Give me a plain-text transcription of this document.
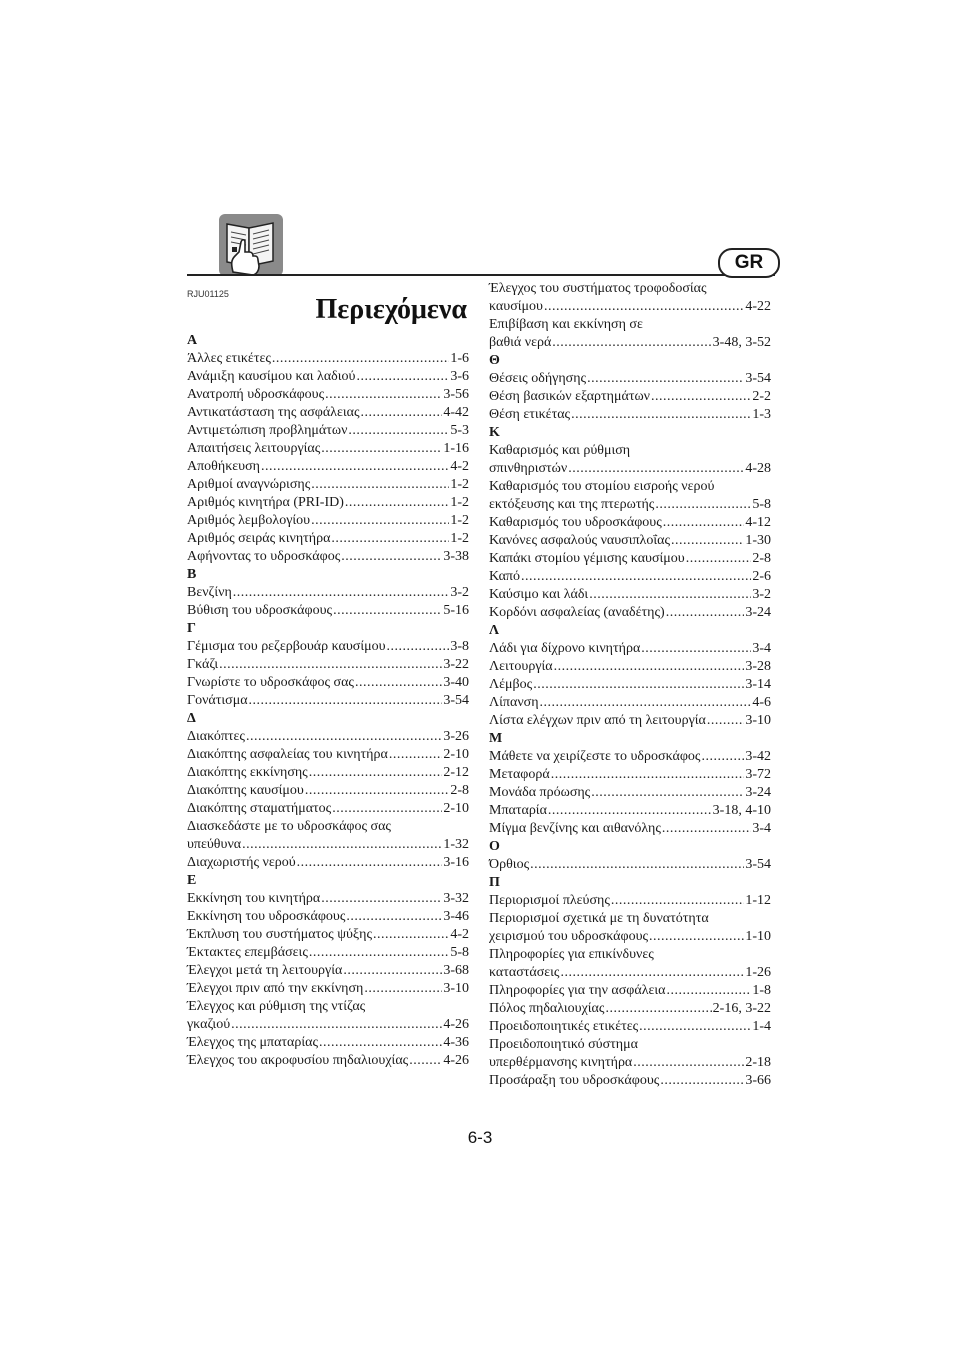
GR
RJU01125	Περιεχόμενα
Α
Άλλες ετικέτες .....	1-6
Ανάμιξη καυσίμου και λαδιού .....	3-6
Ανατροπή υδροσκάφους .....	3-56
Αντικατάσταση της ασφάλειας .....	4-42
Αντιμετώπιση προβλημάτων .....	5-3
Απαιτήσεις λειτουργίας .....	1-16
Αποθήκευση .....	4-2
Αριθμοί αναγνώρισης .....	1-2
Αριθμός κινητήρα (PRI-ID) .....	1-2
Αριθμός λεμβολογίου .....	1-2
Αριθμός σειράς κινητήρα .....	1-2
Αφήνοντας το υδροσκάφος .....	3-38
Β
Βενζίνη .....	3-2
Βύθιση του υδροσκάφους .....	5-16
Γ
Γέμισμα του ρεζερβουάρ καυσίμου .....	3-8
Γκάζι .....	3-22
Γνωρίστε το υδροσκάφος σας .....	3-40
Γονάτισμα .....	3-54
Δ
Διακόπτες .....	3-26
Διακόπτης ασφαλείας του κινητήρα .....	2-10
Διακόπτης εκκίνησης .....	2-12
Διακόπτης καυσίμου .....	2-8
Διακόπτης σταματήματος .....	2-10
Διασκεδάστε με το υδροσκάφος σας
υπεύθυνα .....	1-32
Διαχωριστής νερού .....	3-16
Ε
Εκκίνηση του κινητήρα .....	3-32
Εκκίνηση του υδροσκάφους .....	3-46
Έκπλυση του συστήματος ψύξης .....	4-2
Έκτακτες επεμβάσεις .....	5-8
Έλεγχοι μετά τη λειτουργία .....	3-68
Έλεγχοι πριν από την εκκίνηση .....	3-10
Έλεγχος και ρύθμιση της ντίζας
γκαζιού .....	4-26
Έλεγχος της μπαταρίας .....	4-36
Έλεγχος του ακροφυσίου πηδαλιουχίας .....	4-26
Έλεγχος του συστήματος τροφοδοσίας
καυσίμου .....	4-22
Επιβίβαση και εκκίνηση σε
βαθιά νερά .....	3-48, 3-52
Θ
Θέσεις οδήγησης .....	3-54
Θέση βασικών εξαρτημάτων .....	2-2
Θέση ετικέτας .....	1-3
Κ
Καθαρισμός και ρύθμιση
σπινθηριστών .....	4-28
Καθαρισμός του στομίου εισροής νερού
εκτόξευσης και της πτερωτής .....	5-8
Καθαρισμός του υδροσκάφους .....	4-12
Κανόνες ασφαλούς ναυσιπλοΐας .....	1-30
Καπάκι στομίου γέμισης καυσίμου .....	2-8
Καπό .....	2-6
Καύσιμο και λάδι .....	3-2
Κορδόνι ασφαλείας (αναδέτης) .....	3-24
Λ
Λάδι για δίχρονο κινητήρα .....	3-4
Λειτουργία .....	3-28
Λέμβος .....	3-14
Λίπανση .....	4-6
Λίστα ελέγχων πριν από τη λειτουργία .....	3-10
Μ
Μάθετε να χειρίζεστε το υδροσκάφος .....	3-42
Μεταφορά .....	3-72
Μονάδα πρόωσης .....	3-24
Μπαταρία .....	3-18, 4-10
Μίγμα βενζίνης και αιθανόλης .....	3-4
Ο
Όρθιος .....	3-54
Π
Περιορισμοί πλεύσης .....	1-12
Περιορισμοί σχετικά με τη δυνατότητα
χειρισμού του υδροσκάφους .....	1-10
Πληροφορίες για επικίνδυνες
καταστάσεις .....	1-26
Πληροφορίες για την ασφάλεια .....	1-8
Πόλος πηδαλιουχίας .....	2-16, 3-22
Προειδοποιητικές ετικέτες .....	1-4
Προειδοποιητικό σύστημα
υπερθέρμανσης κινητήρα .....	2-18
Προσάραξη του υδροσκάφους .....	3-66
6-3
